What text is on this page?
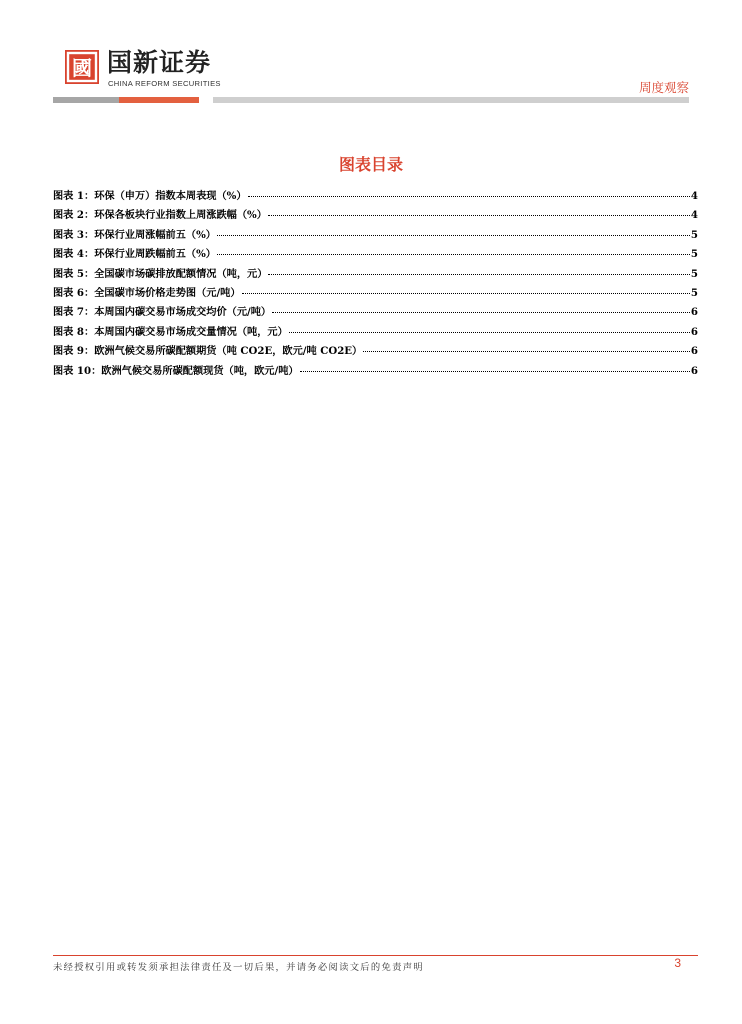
國 国新证券
CHINA REFORM SECURITIES	周度观察
图表目录
图表 1：环保（申万）指数本周表现（%）	4
图表 2：环保各板块行业指数上周涨跌幅（%）	4
图表 3：环保行业周涨幅前五（%）	5
图表 4：环保行业周跌幅前五（%）	5
图表 5：全国碳市场碳排放配额情况（吨，元）	5
图表 6：全国碳市场价格走势图（元/吨）	5
图表 7：本周国内碳交易市场成交均价（元/吨）	6
图表 8：本周国内碳交易市场成交量情况（吨，元）	6
图表 9：欧洲气候交易所碳配额期货（吨 CO2E，欧元/吨 CO2E）	6
图表 10：欧洲气候交易所碳配额现货（吨，欧元/吨）	6
未经授权引用或转发须承担法律责任及一切后果，并请务必阅读文后的免责声明	3
